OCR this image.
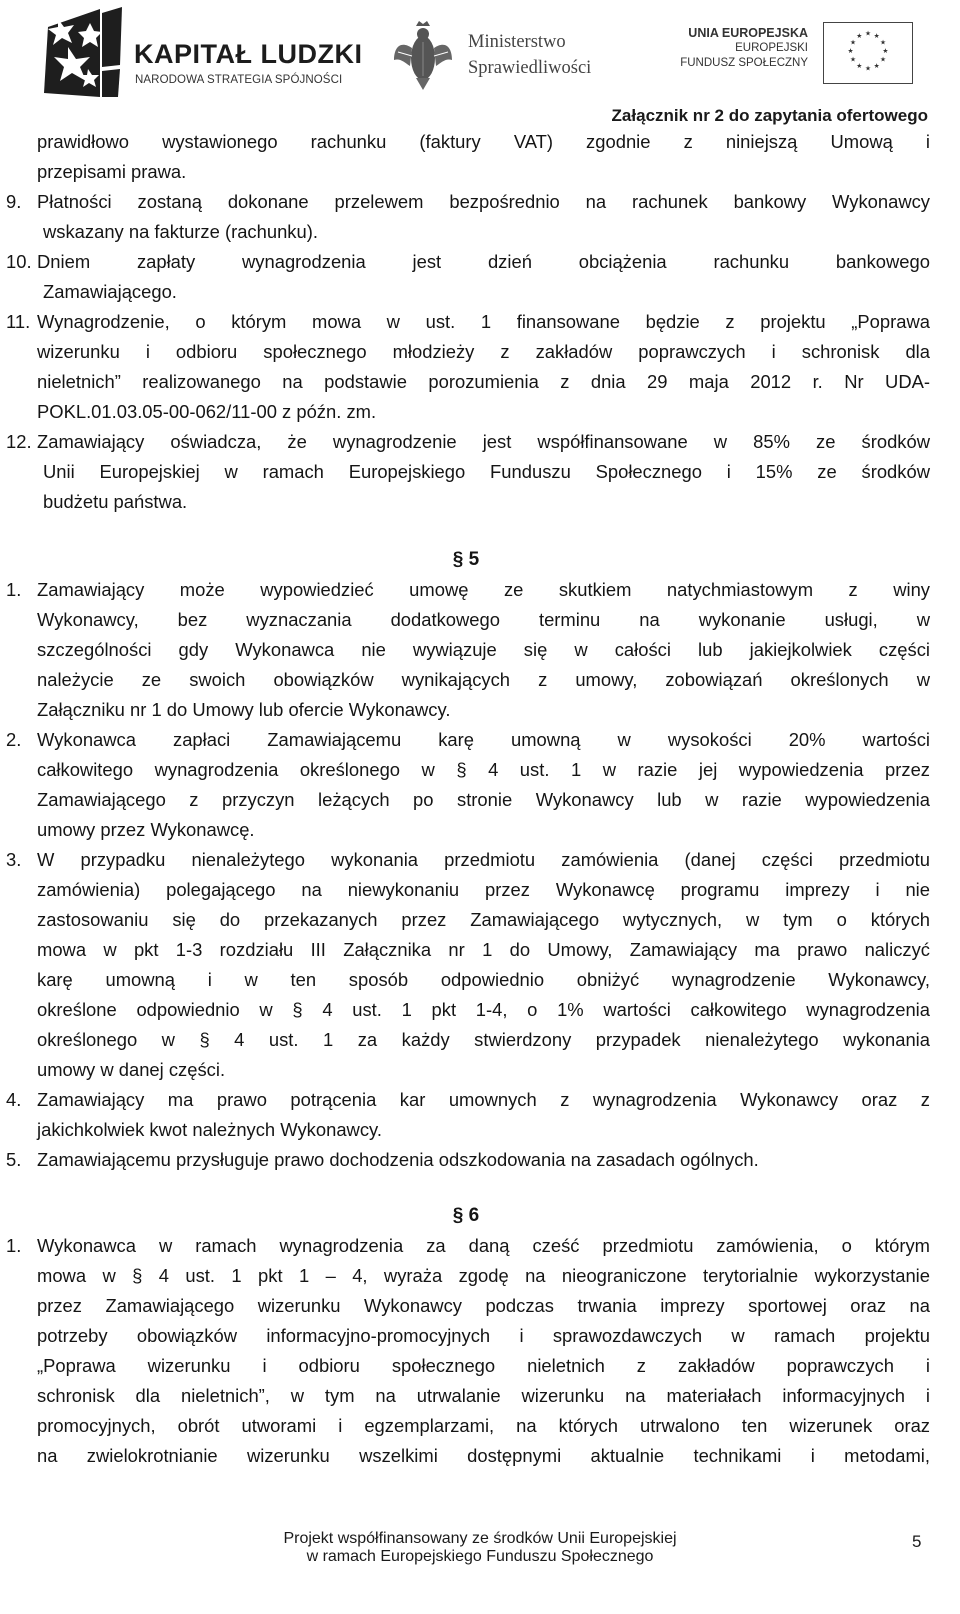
KAPITAŁ LUDZKI
NARODOWA STRATEGIA SPÓJNOŚCI
Ministerstwo
Sprawiedliwości
UNIA EUROPEJSKA
EUROPEJSKI
FUNDUSZ SPOŁECZNY
★ ★
★
★
★
★
★
★
★
★
★
★
Załącznik nr 2 do zapytania ofertowego
prawidłowo wystawionego rachunku (faktury VAT) zgodnie z niniejszą Umową i
przepisami prawa.
9. Płatności zostaną dokonane przelewem bezpośrednio na rachunek bankowy Wykonawcy
wskazany na fakturze (rachunku).
10. Dniem zapłaty wynagrodzenia jest dzień obciążenia rachunku bankowego
Zamawiającego.
11. Wynagrodzenie, o którym mowa w ust. 1 finansowane będzie z projektu „Poprawa
wizerunku i odbioru społecznego młodzieży z zakładów poprawczych i schronisk dla
nieletnich” realizowanego na podstawie porozumienia z dnia 29 maja 2012 r. Nr UDA-
POKL.01.03.05-00-062/11-00 z późn. zm.
12. Zamawiający oświadcza, że wynagrodzenie jest współfinansowane w 85% ze środków
Unii Europejskiej w ramach Europejskiego Funduszu Społecznego i 15% ze środków
budżetu państwa.
§ 5
1. Zamawiający może wypowiedzieć umowę ze skutkiem natychmiastowym z winy
Wykonawcy, bez wyznaczania dodatkowego terminu na wykonanie usługi, w
szczególności gdy Wykonawca nie wywiązuje się w całości lub jakiejkolwiek części
należycie ze swoich obowiązków wynikających z umowy, zobowiązań określonych w
Załączniku nr 1 do Umowy lub ofercie Wykonawcy.
2. Wykonawca zapłaci Zamawiającemu karę umowną w wysokości 20% wartości
całkowitego wynagrodzenia określonego w § 4 ust. 1 w razie jej wypowiedzenia przez
Zamawiającego z przyczyn leżących po stronie Wykonawcy lub w razie wypowiedzenia
umowy przez Wykonawcę.
3. W przypadku nienależytego wykonania przedmiotu zamówienia (danej części przedmiotu
zamówienia) polegającego na niewykonaniu przez Wykonawcę programu imprezy i nie
zastosowaniu się do przekazanych przez Zamawiającego wytycznych, w tym o których
mowa w pkt 1-3 rozdziału III Załącznika nr 1 do Umowy, Zamawiający ma prawo naliczyć
karę umowną i w ten sposób odpowiednio obniżyć wynagrodzenie Wykonawcy,
określone odpowiednio w § 4 ust. 1 pkt 1-4, o 1% wartości całkowitego wynagrodzenia
określonego w § 4 ust. 1 za każdy stwierdzony przypadek nienależytego wykonania
umowy w danej części.
4. Zamawiający ma prawo potrącenia kar umownych z wynagrodzenia Wykonawcy oraz z
jakichkolwiek kwot należnych Wykonawcy.
5. Zamawiającemu przysługuje prawo dochodzenia odszkodowania na zasadach ogólnych.
§ 6
1. Wykonawca w ramach wynagrodzenia za daną cześć przedmiotu zamówienia, o którym
mowa w § 4 ust. 1 pkt 1 – 4, wyraża zgodę na nieograniczone terytorialnie wykorzystanie
przez Zamawiającego wizerunku Wykonawcy podczas trwania imprezy sportowej oraz na
potrzeby obowiązków informacyjno-promocyjnych i sprawozdawczych w ramach projektu
„Poprawa wizerunku i odbioru społecznego nieletnich z zakładów poprawczych i
schronisk dla nieletnich”, w tym na utrwalanie wizerunku na materiałach informacyjnych i
promocyjnych, obrót utworami i egzemplarzami, na których utrwalono ten wizerunek oraz
na zwielokrotnianie wizerunku wszelkimi dostępnymi aktualnie technikami i metodami,
Projekt współfinansowany ze środków Unii Europejskiej
w ramach Europejskiego Funduszu Społecznego
5
